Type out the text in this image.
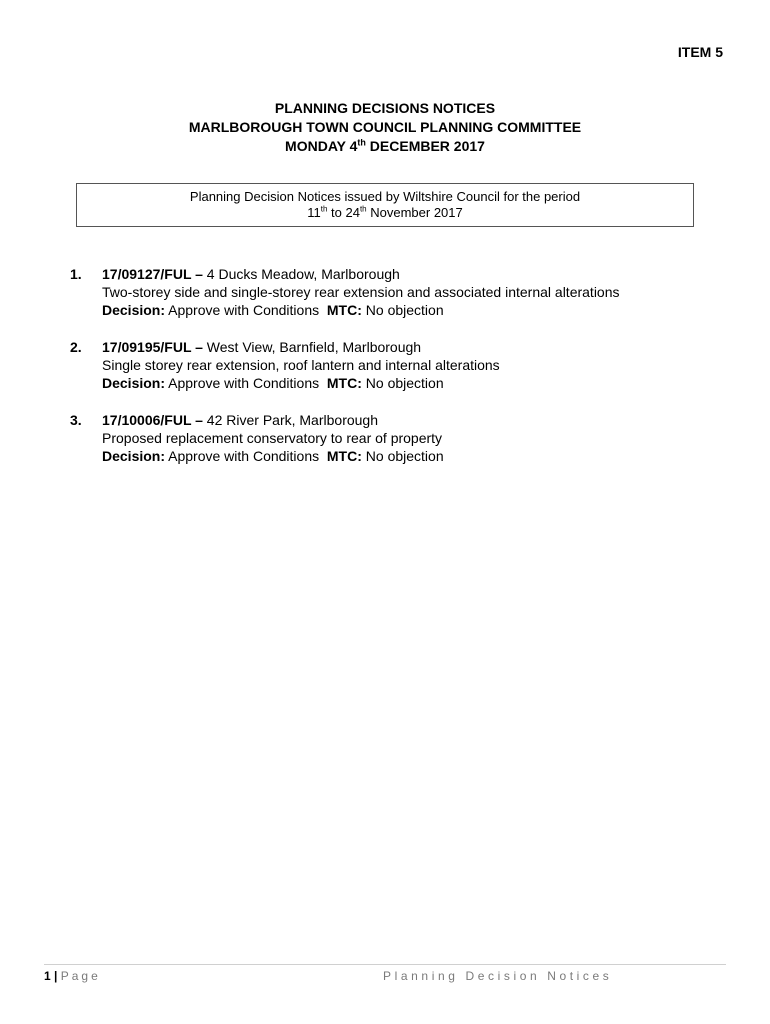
ITEM 5
PLANNING DECISIONS NOTICES
MARLBOROUGH TOWN COUNCIL PLANNING COMMITTEE
MONDAY 4th DECEMBER 2017
Planning Decision Notices issued by Wiltshire Council for the period
11th to 24th November 2017
1. 17/09127/FUL – 4 Ducks Meadow, Marlborough
Two-storey side and single-storey rear extension and associated internal alterations
Decision: Approve with Conditions  MTC: No objection
2. 17/09195/FUL – West View, Barnfield, Marlborough
Single storey rear extension, roof lantern and internal alterations
Decision: Approve with Conditions  MTC: No objection
3. 17/10006/FUL – 42 River Park, Marlborough
Proposed replacement conservatory to rear of property
Decision: Approve with Conditions  MTC: No objection
1 | Page	Planning Decision Notices
